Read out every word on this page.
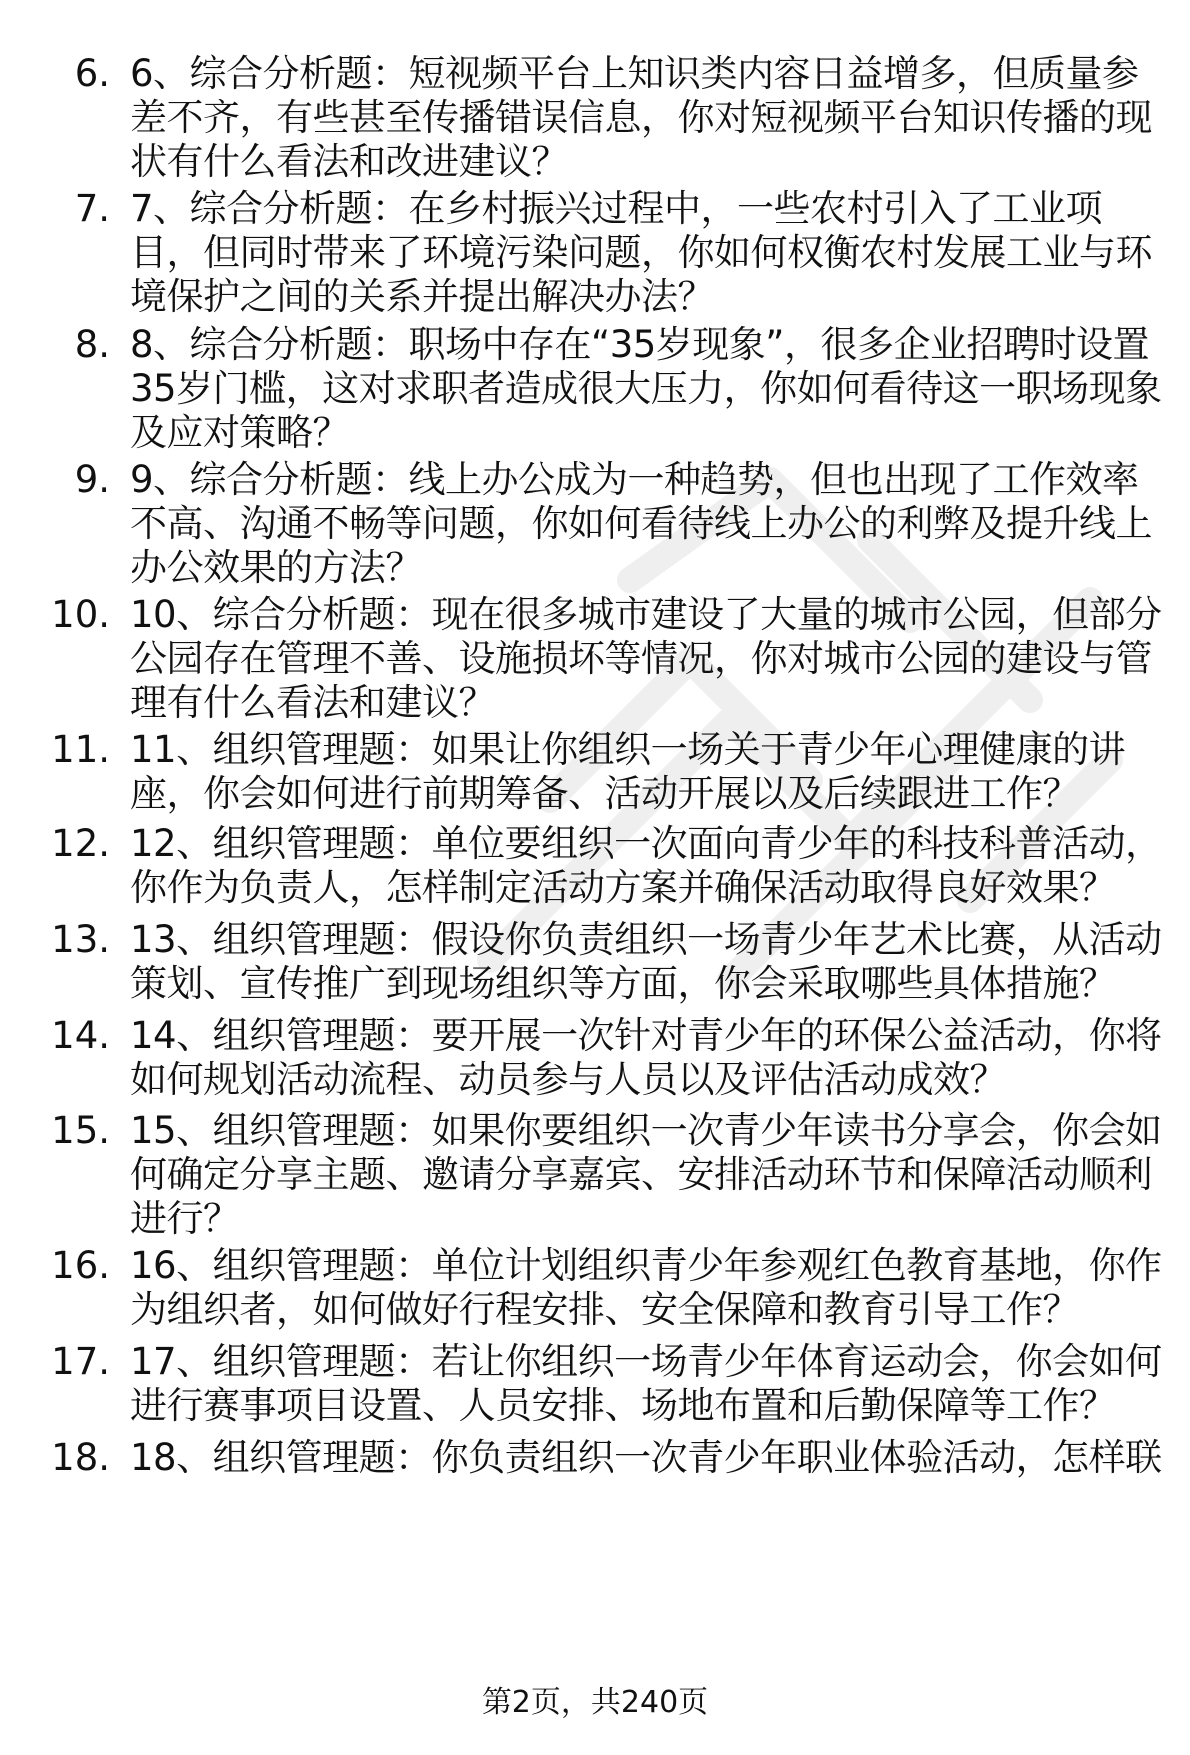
6. 6、综合分析题：短视频平台上知识类内容日益增多，但质量参差不齐，有些甚至传播错误信息，你对短视频平台知识传播的现状有什么看法和改进建议？
7. 7、综合分析题：在乡村振兴过程中，一些农村引入了工业项目，但同时带来了环境污染问题，你如何权衡农村发展工业与环境保护之间的关系并提出解决办法？
8. 8、综合分析题：职场中存在“35岁现象”，很多企业招聘时设置35岁门槛，这对求职者造成很大压力，你如何看待这一职场现象及应对策略？
9. 9、综合分析题：线上办公成为一种趋势，但也出现了工作效率不高、沟通不畅等问题，你如何看待线上办公的利弊及提升线上办公效果的方法？
10. 10、综合分析题：现在很多城市建设了大量的城市公园，但部分公园存在管理不善、设施损坏等情况，你对城市公园的建设与管理有什么看法和建议？
11. 11、组织管理题：如果让你组织一场关于青少年心理健康的讲座，你会如何进行前期筹备、活动开展以及后续跟进工作？
12. 12、组织管理题：单位要组织一次面向青少年的科技科普活动，你作为负责人，怎样制定活动方案并确保活动取得良好效果？
13. 13、组织管理题：假设你负责组织一场青少年艺术比赛，从活动策划、宣传推广到现场组织等方面，你会采取哪些具体措施？
14. 14、组织管理题：要开展一次针对青少年的环保公益活动，你将如何规划活动流程、动员参与人员以及评估活动成效？
15. 15、组织管理题：如果你要组织一次青少年读书分享会，你会如何确定分享主题、邀请分享嘉宾、安排活动环节和保障活动顺利进行？
16. 16、组织管理题：单位计划组织青少年参观红色教育基地，你作为组织者，如何做好行程安排、安全保障和教育引导工作？
17. 17、组织管理题：若让你组织一场青少年体育运动会，你会如何进行赛事项目设置、人员安排、场地布置和后勤保障等工作？
18. 18、组织管理题：你负责组织一次青少年职业体验活动，怎样联
第2页，共240页
